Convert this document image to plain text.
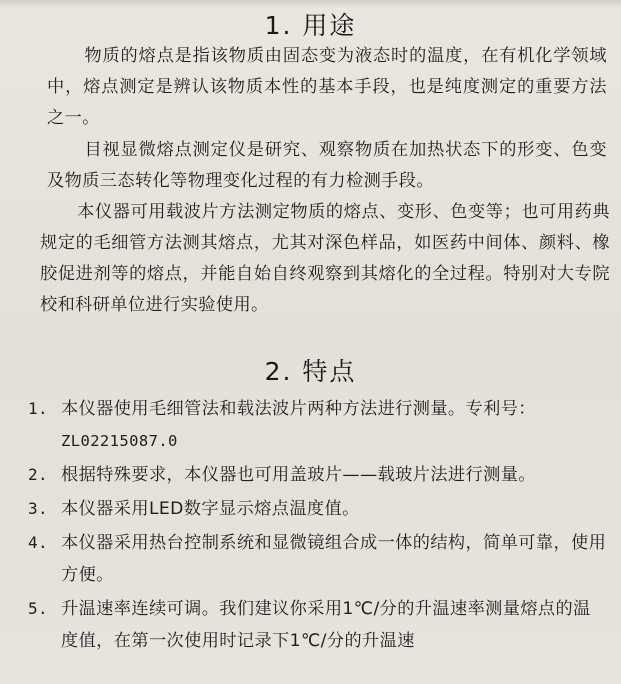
1. 用途

物质的熔点是指该物质由固态变为液态时的温度，在有机化学领域中，熔点测定是辨认该物质本性的基本手段，也是纯度测定的重要方法之一。

目视显微熔点测定仪是研究、观察物质在加热状态下的形变、色变及物质三态转化等物理变化过程的有力检测手段。

本仪器可用载波片方法测定物质的熔点、变形、色变等；也可用药典规定的毛细管方法测其熔点，尤其对深色样品，如医药中间体、颜料、橡胶促进剂等的熔点，并能自始自终观察到其熔化的全过程。特别对大专院校和科研单位进行实验使用。

2. 特点
1. 本仪器使用毛细管法和载法波片两种方法进行测量。专利号：ZL02215087.0
2. 根据特殊要求，本仪器也可用盖玻片——载玻片法进行测量。
3. 本仪器采用LED数字显示熔点温度值。
4. 本仪器采用热台控制系统和显微镜组合成一体的结构，简单可靠，使用方便。
5. 升温速率连续可调。我们建议你采用1℃/分的升温速率测量熔点的温度值，在第一次使用时记录下1℃/分的升温速
